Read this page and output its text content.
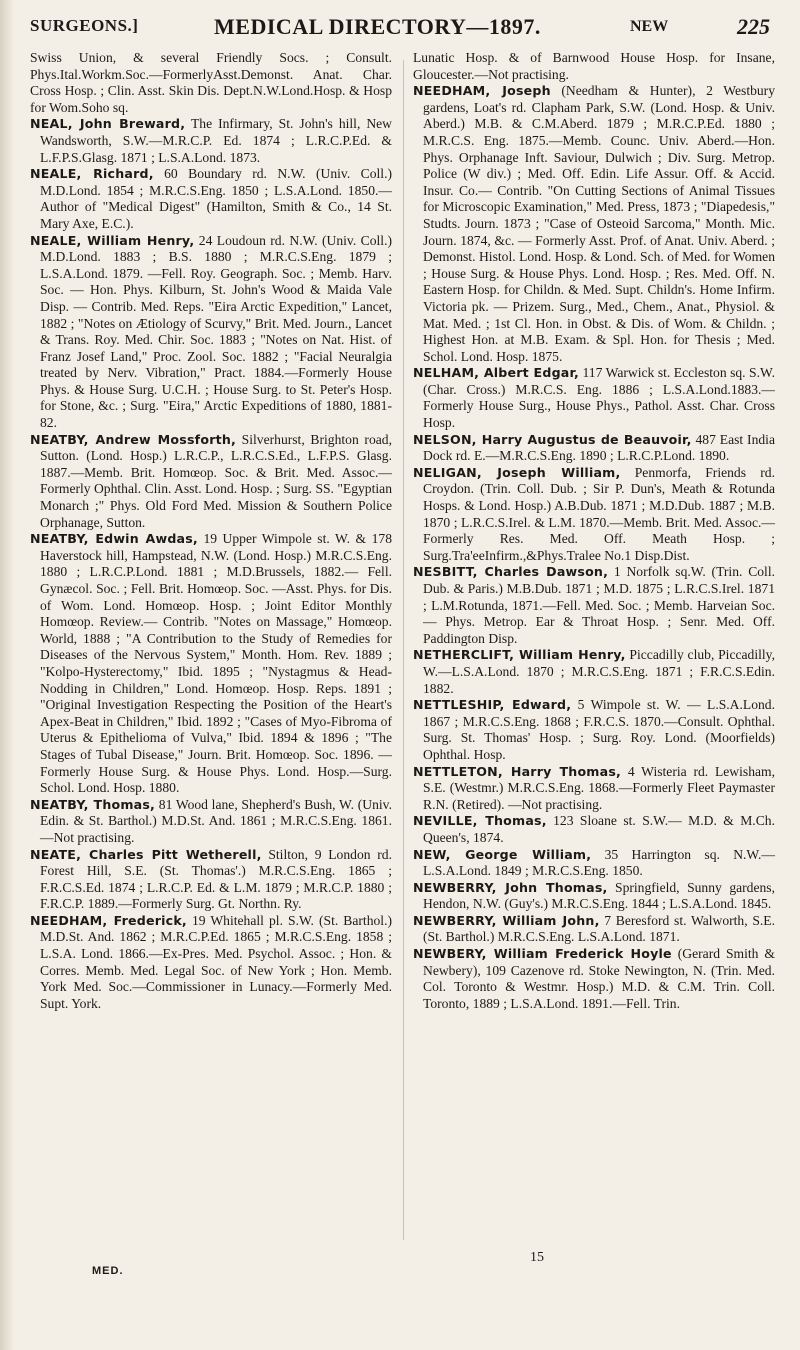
SURGEONS.]	MEDICAL DIRECTORY—1897.	NEW	225

Swiss Union, & several Friendly Socs. ; Consult. Phys.Ital.Workm.Soc.—FormerlyAsst.Demonst. Anat. Char. Cross Hosp. ; Clin. Asst. Skin Dis. Dept.N.W.Lond.Hosp. & Hosp for Wom.Soho sq.

NEAL, John Breward, The Infirmary, St. John's hill, New Wandsworth, S.W.—M.R.C.P. Ed. 1874 ; L.R.C.P.Ed. & L.F.P.S.Glasg. 1871 ; L.S.A.Lond. 1873.

NEALE, Richard, 60 Boundary rd. N.W. (Univ. Coll.) M.D.Lond. 1854 ; M.R.C.S.Eng. 1850 ; L.S.A.Lond. 1850.—Author of "Medical Digest" (Hamilton, Smith & Co., 14 St. Mary Axe, E.C.).

NEALE, William Henry, 24 Loudoun rd. N.W. (Univ. Coll.) M.D.Lond. 1883 ; B.S. 1880 ; M.R.C.S.Eng. 1879 ; L.S.A.Lond. 1879. —Fell. Roy. Geograph. Soc. ; Memb. Harv. Soc. — Hon. Phys. Kilburn, St. John's Wood & Maida Vale Disp. — Contrib. Med. Reps. "Eira Arctic Expedition," Lancet, 1882 ; "Notes on Ætiology of Scurvy," Brit. Med. Journ., Lancet & Trans. Roy. Med. Chir. Soc. 1883 ; "Notes on Nat. Hist. of Franz Josef Land," Proc. Zool. Soc. 1882 ; "Facial Neuralgia treated by Nerv. Vibration," Pract. 1884.—Formerly House Phys. & House Surg. U.C.H. ; House Surg. to St. Peter's Hosp. for Stone, &c. ; Surg. "Eira," Arctic Expeditions of 1880, 1881-82.

NEATBY, Andrew Mossforth, Silverhurst, Brighton road, Sutton. (Lond. Hosp.) L.R.C.P., L.R.C.S.Ed., L.F.P.S. Glasg. 1887.—Memb. Brit. Homœop. Soc. & Brit. Med. Assoc.— Formerly Ophthal. Clin. Asst. Lond. Hosp. ; Surg. SS. "Egyptian Monarch ;" Phys. Old Ford Med. Mission & Southern Police Orphanage, Sutton.

NEATBY, Edwin Awdas, 19 Upper Wimpole st. W. & 178 Haverstock hill, Hampstead, N.W. (Lond. Hosp.) M.R.C.S.Eng. 1880 ; L.R.C.P.Lond. 1881 ; M.D.Brussels, 1882.— Fell. Gynæcol. Soc. ; Fell. Brit. Homœop. Soc. —Asst. Phys. for Dis. of Wom. Lond. Homœop. Hosp. ; Joint Editor Monthly Homœop. Review.— Contrib. "Notes on Massage," Homœop. World, 1888 ; "A Contribution to the Study of Remedies for Diseases of the Nervous System," Month. Hom. Rev. 1889 ; "Kolpo-Hysterectomy," Ibid. 1895 ; "Nystagmus & Head-Nodding in Children," Lond. Homœop. Hosp. Reps. 1891 ; "Original Investigation Respecting the Position of the Heart's Apex-Beat in Children," Ibid. 1892 ; "Cases of Myo-Fibroma of Uterus & Epithelioma of Vulva," Ibid. 1894 & 1896 ; "The Stages of Tubal Disease," Journ. Brit. Homœop. Soc. 1896. —Formerly House Surg. & House Phys. Lond. Hosp.—Surg. Schol. Lond. Hosp. 1880.

NEATBY, Thomas, 81 Wood lane, Shepherd's Bush, W. (Univ. Edin. & St. Barthol.) M.D.St. And. 1861 ; M.R.C.S.Eng. 1861.—Not practising.

NEATE, Charles Pitt Wetherell, Stilton, 9 London rd. Forest Hill, S.E. (St. Thomas'.) M.R.C.S.Eng. 1865 ; F.R.C.S.Ed. 1874 ; L.R.C.P. Ed. & L.M. 1879 ; M.R.C.P. 1880 ; F.R.C.P. 1889.—Formerly Surg. Gt. Northn. Ry.

NEEDHAM, Frederick, 19 Whitehall pl. S.W. (St. Barthol.) M.D.St. And. 1862 ; M.R.C.P.Ed. 1865 ; M.R.C.S.Eng. 1858 ; L.S.A. Lond. 1866.—Ex-Pres. Med. Psychol. Assoc. ; Hon. & Corres. Memb. Med. Legal Soc. of New York ; Hon. Memb. York Med. Soc.—Commissioner in Lunacy.—Formerly Med. Supt. York.

Lunatic Hosp. & of Barnwood House Hosp. for Insane, Gloucester.—Not practising.

NEEDHAM, Joseph (Needham & Hunter), 2 Westbury gardens, Loat's rd. Clapham Park, S.W. (Lond. Hosp. & Univ. Aberd.) M.B. & C.M.Aberd. 1879 ; M.R.C.P.Ed. 1880 ; M.R.C.S. Eng. 1875.—Memb. Counc. Univ. Aberd.—Hon. Phys. Orphanage Inft. Saviour, Dulwich ; Div. Surg. Metrop. Police (W div.) ; Med. Off. Edin. Life Assur. Off. & Accid. Insur. Co.— Contrib. "On Cutting Sections of Animal Tissues for Microscopic Examination," Med. Press, 1873 ; "Diapedesis," Studts. Journ. 1873 ; "Case of Osteoid Sarcoma," Month. Mic. Journ. 1874, &c. — Formerly Asst. Prof. of Anat. Univ. Aberd. ; Demonst. Histol. Lond. Hosp. & Lond. Sch. of Med. for Women ; House Surg. & House Phys. Lond. Hosp. ; Res. Med. Off. N. Eastern Hosp. for Childn. & Med. Supt. Childn's. Home Infirm. Victoria pk. — Prizem. Surg., Med., Chem., Anat., Physiol. & Mat. Med. ; 1st Cl. Hon. in Obst. & Dis. of Wom. & Childn. ; Highest Hon. at M.B. Exam. & Spl. Hon. for Thesis ; Med. Schol. Lond. Hosp. 1875.

NELHAM, Albert Edgar, 117 Warwick st. Eccleston sq. S.W. (Char. Cross.) M.R.C.S. Eng. 1886 ; L.S.A.Lond.1883.—Formerly House Surg., House Phys., Pathol. Asst. Char. Cross Hosp.

NELSON, Harry Augustus de Beauvoir, 487 East India Dock rd. E.—M.R.C.S.Eng. 1890 ; L.R.C.P.Lond. 1890.

NELIGAN, Joseph William, Penmorfa, Friends rd. Croydon. (Trin. Coll. Dub. ; Sir P. Dun's, Meath & Rotunda Hosps. & Lond. Hosp.) A.B.Dub. 1871 ; M.D.Dub. 1887 ; M.B. 1870 ; L.R.C.S.Irel. & L.M. 1870.—Memb. Brit. Med. Assoc.—Formerly Res. Med. Off. Meath Hosp. ; Surg.Tra'eeInfirm.,&Phys.Tralee No.1 Disp.Dist.

NESBITT, Charles Dawson, 1 Norfolk sq.W. (Trin. Coll. Dub. & Paris.) M.B.Dub. 1871 ; M.D. 1875 ; L.R.C.S.Irel. 1871 ; L.M.Rotunda, 1871.—Fell. Med. Soc. ; Memb. Harveian Soc.— Phys. Metrop. Ear & Throat Hosp. ; Senr. Med. Off. Paddington Disp.

NETHERCLIFT, William Henry, Piccadilly club, Piccadilly, W.—L.S.A.Lond. 1870 ; M.R.C.S.Eng. 1871 ; F.R.C.S.Edin. 1882.

NETTLESHIP, Edward, 5 Wimpole st. W. — L.S.A.Lond. 1867 ; M.R.C.S.Eng. 1868 ; F.R.C.S. 1870.—Consult. Ophthal. Surg. St. Thomas' Hosp. ; Surg. Roy. Lond. (Moorfields) Ophthal. Hosp.

NETTLETON, Harry Thomas, 4 Wisteria rd. Lewisham, S.E. (Westmr.) M.R.C.S.Eng. 1868.—Formerly Fleet Paymaster R.N. (Retired). —Not practising.

NEVILLE, Thomas, 123 Sloane st. S.W.— M.D. & M.Ch. Queen's, 1874.

NEW, George William, 35 Harrington sq. N.W.—L.S.A.Lond. 1849 ; M.R.C.S.Eng. 1850.

NEWBERRY, John Thomas, Springfield, Sunny gardens, Hendon, N.W. (Guy's.) M.R.C.S.Eng. 1844 ; L.S.A.Lond. 1845.

NEWBERRY, William John, 7 Beresford st. Walworth, S.E. (St. Barthol.) M.R.C.S.Eng. L.S.A.Lond. 1871.

NEWBERY, William Frederick Hoyle (Gerard Smith & Newbery), 109 Cazenove rd. Stoke Newington, N. (Trin. Med. Col. Toronto & Westmr. Hosp.) M.D. & C.M. Trin. Coll. Toronto, 1889 ; L.S.A.Lond. 1891.—Fell. Trin.

MED.
15
